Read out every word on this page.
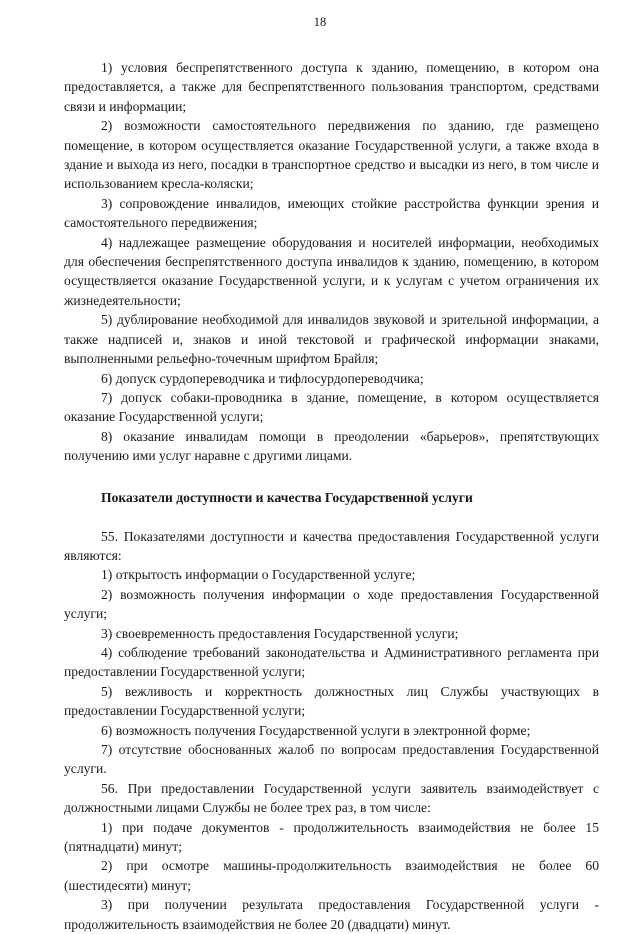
18

1) условия беспрепятственного доступа к зданию, помещению, в котором она предоставляется, а также для беспрепятственного пользования транспортом, средствами связи и информации;

2) возможности самостоятельного передвижения по зданию, где размещено помещение, в котором осуществляется оказание Государственной услуги, а также входа в здание и выхода из него, посадки в транспортное средство и высадки из него, в том числе и использованием кресла-коляски;

3) сопровождение инвалидов, имеющих стойкие расстройства функции зрения и самостоятельного передвижения;

4) надлежащее размещение оборудования и носителей информации, необходимых для обеспечения беспрепятственного доступа инвалидов к зданию, помещению, в котором осуществляется оказание Государственной услуги, и к услугам с учетом ограничения их жизнедеятельности;

5) дублирование необходимой для инвалидов звуковой и зрительной информации, а также надписей и, знаков и иной текстовой и графической информации знаками, выполненными рельефно-точечным шрифтом Брайля;

6) допуск сурдопереводчика и тифлосурдопереводчика;

7) допуск собаки-проводника в здание, помещение, в котором осуществляется оказание Государственной услуги;

8) оказание инвалидам помощи в преодолении «барьеров», препятствующих получению ими услуг наравне с другими лицами.

Показатели доступности и качества Государственной услуги

55. Показателями доступности и качества предоставления Государственной услуги являются:

1) открытость информации о Государственной услуге;

2) возможность получения информации о ходе предоставления Государственной услуги;

3) своевременность предоставления Государственной услуги;

4) соблюдение требований законодательства и Административного регламента при предоставлении Государственной услуги;

5) вежливость и корректность должностных лиц Службы участвующих в предоставлении Государственной услуги;

6) возможность получения Государственной услуги в электронной форме;

7) отсутствие обоснованных жалоб по вопросам предоставления Государственной услуги.

56. При предоставлении Государственной услуги заявитель взаимодействует с должностными лицами Службы не более трех раз, в том числе:

1) при подаче документов - продолжительность взаимодействия не более 15 (пятнадцати) минут;

2) при осмотре машины-продолжительность взаимодействия не более 60 (шестидесяти) минут;

3) при получении результата предоставления Государственной услуги - продолжительность взаимодействия не более 20 (двадцати) минут.
